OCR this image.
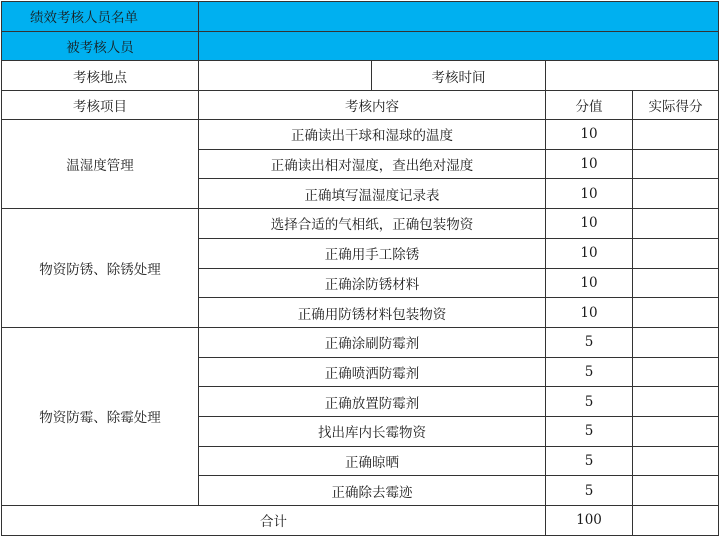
绩效考核人员名单				
被考核人员				
考核地点		考核时间		
考核项目	考核内容		分值	实际得分
温湿度管理	正确读出干球和湿球的温度		10	
	正确读出相对湿度，查出绝对湿度		10	
	正确填写温湿度记录表		10	
物资防锈、除锈处理	选择合适的气相纸，正确包装物资		10	
	正确用手工除锈		10	
	正确涂防锈材料		10	
	正确用防锈材料包装物资		10	
物资防霉、除霉处理	正确涂刷防霉剂		5	
	正确喷洒防霉剂		5	
	正确放置防霉剂		5	
	找出库内长霉物资		5	
	正确晾晒		5	
	正确除去霉迹		5	
合计			100	
